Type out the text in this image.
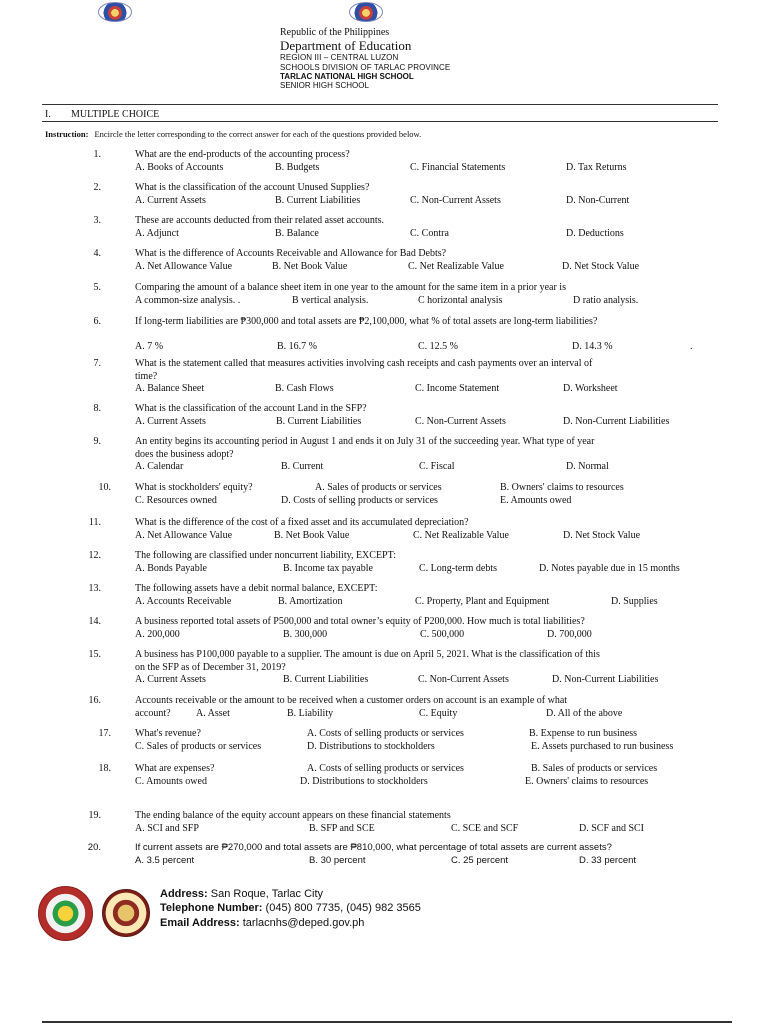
Republic of the Philippines
Department of Education
REGION III – CENTRAL LUZON
SCHOOLS DIVISION OF TARLAC PROVINCE
TARLAC NATIONAL HIGH SCHOOL
SENIOR HIGH SCHOOL
I. MULTIPLE CHOICE
Instruction: Encircle the letter corresponding to the correct answer for each of the questions provided below.
1.	What are the end-products of the accounting process?
A. Books of Accounts	B. Budgets	C. Financial Statements	D. Tax Returns
2.	What is the classification of the account Unused Supplies?
A. Current Assets	B. Current Liabilities	C. Non-Current Assets	D. Non-Current
3.	These are accounts deducted from their related asset accounts.
A. Adjunct	B. Balance	C. Contra	D. Deductions
4.	What is the difference of Accounts Receivable and Allowance for Bad Debts?
A. Net Allowance Value	B. Net Book Value	C. Net Realizable Value	D. Net Stock Value
5.	Comparing the amount of a balance sheet item in one year to the amount for the same item in a prior year is
A common-size analysis. .	B vertical analysis.	C horizontal analysis	D ratio analysis.
6.	If long-term liabilities are ₱300,000 and total assets are ₱2,100,000, what % of total assets are long-term liabilities?
A. 7 %	B. 16.7 %	C. 12.5 %	D. 14.3 %	.
7.	What is the statement called that measures activities involving cash receipts and cash payments over an interval of
time?
A. Balance Sheet	B. Cash Flows	C. Income Statement	D. Worksheet
8.	What is the classification of the account Land in the SFP?
A. Current Assets	B. Current Liabilities	C. Non-Current Assets	D. Non-Current Liabilities
9.	An entity begins its accounting period in August 1 and ends it on July 31 of the succeeding year. What type of year
does the business adopt?
A. Calendar	B. Current	C. Fiscal	D. Normal
10. What is stockholders' equity?	A. Sales of products or services	B. Owners' claims to resources
C. Resources owned	D. Costs of selling products or services	E. Amounts owed
11.	What is the difference of the cost of a fixed asset and its accumulated depreciation?
A. Net Allowance Value	B. Net Book Value	C. Net Realizable Value	D. Net Stock Value
12.	The following are classified under noncurrent liability, EXCEPT:
A. Bonds Payable	B. Income tax payable	C. Long-term debts	D. Notes payable due in 15 months
13.	The following assets have a debit normal balance, EXCEPT:
A. Accounts Receivable	B. Amortization	C. Property, Plant and Equipment	D. Supplies
14.	A business reported total assets of P500,000 and total owner’s equity of P200,000. How much is total liabilities?
A. 200,000	B. 300,000	C. 500,000	D. 700,000
15.	A business has P100,000 payable to a supplier. The amount is due on April 5, 2021. What is the classification of this
on the SFP as of December 31, 2019?
A. Current Assets	B. Current Liabilities	C. Non-Current Assets	D. Non-Current Liabilities
16.	Accounts receivable or the amount to be received when a customer orders on account is an example of what
account?	A. Asset	B. Liability	C. Equity	D. All of the above
17. What's revenue?	A. Costs of selling products or services	B. Expense to run business
C. Sales of products or services	D. Distributions to stockholders	E. Assets purchased to run business
18. What are expenses?	A. Costs of selling products or services	B. Sales of products or services
C. Amounts owed	D. Distributions to stockholders	E. Owners' claims to resources
19.	The ending balance of the equity account appears on these financial statements
A. SCI and SFP	B. SFP and SCE	C. SCE and SCF	D. SCF and SCI
20.	If current assets are ₱270,000 and total assets are ₱810,000, what percentage of total assets are current assets?
A. 3.5 percent	B. 30 percent	C. 25 percent	D. 33 percent
Address: San Roque, Tarlac City
Telephone Number: (045) 800 7735, (045) 982 3565
Email Address: tarlacnhs@deped.gov.ph
